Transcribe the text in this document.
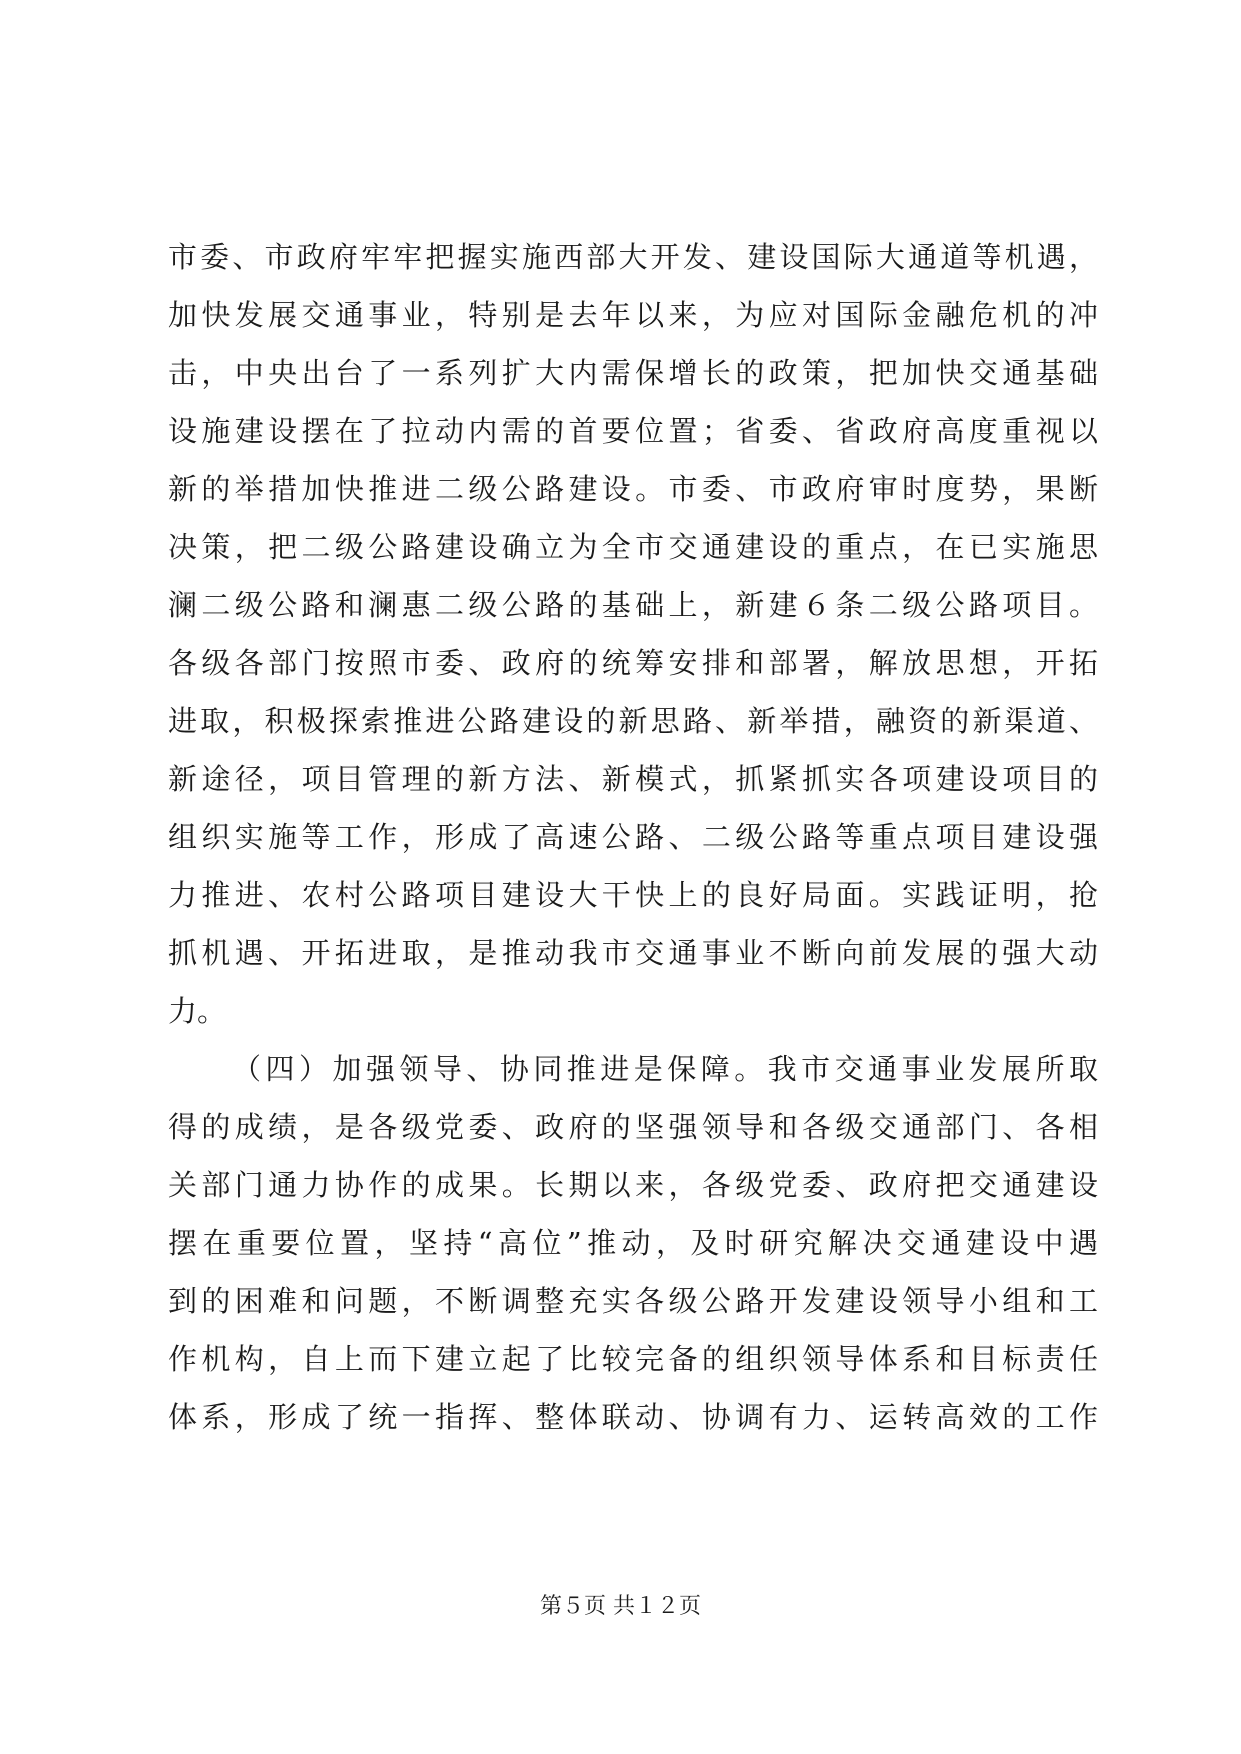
市委、市政府牢牢把握实施西部大开发、建设国际大通道等机遇，
加快发展交通事业，特别是去年以来，为应对国际金融危机的冲
击，中央出台了一系列扩大内需保增长的政策，把加快交通基础
设施建设摆在了拉动内需的首要位置；省委、省政府高度重视以
新的举措加快推进二级公路建设。市委、市政府审时度势，果断
决策，把二级公路建设确立为全市交通建设的重点，在已实施思
澜二级公路和澜惠二级公路的基础上，新建６条二级公路项目。
各级各部门按照市委、政府的统筹安排和部署，解放思想，开拓
进取，积极探索推进公路建设的新思路、新举措，融资的新渠道、
新途径，项目管理的新方法、新模式，抓紧抓实各项建设项目的
组织实施等工作，形成了高速公路、二级公路等重点项目建设强
力推进、农村公路项目建设大干快上的良好局面。实践证明，抢
抓机遇、开拓进取，是推动我市交通事业不断向前发展的强大动
力。
（四）加强领导、协同推进是保障。我市交通事业发展所取
得的成绩，是各级党委、政府的坚强领导和各级交通部门、各相
关部门通力协作的成果。长期以来，各级党委、政府把交通建设
摆在重要位置，坚持“高位”推动，及时研究解决交通建设中遇
到的困难和问题，不断调整充实各级公路开发建设领导小组和工
作机构，自上而下建立起了比较完备的组织领导体系和目标责任
体系，形成了统一指挥、整体联动、协调有力、运转高效的工作
第５页 共１２页
